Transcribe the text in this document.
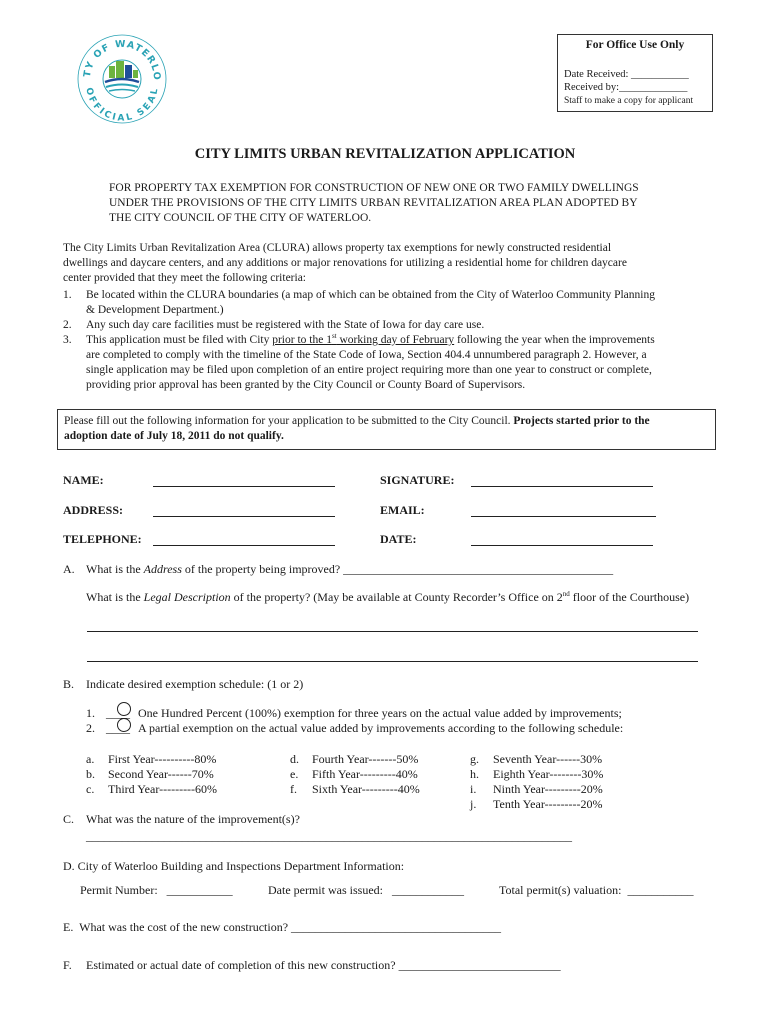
TY OF WATERLO
OFFICIAL SEAL
For Office Use Only
Date Received: ___________
Received by:_____________
Staff to make a copy for applicant
CITY LIMITS URBAN REVITALIZATION APPLICATION
FOR PROPERTY TAX EXEMPTION FOR CONSTRUCTION OF NEW ONE OR TWO FAMILY DWELLINGS
UNDER THE PROVISIONS OF THE CITY LIMITS URBAN REVITALIZATION AREA PLAN ADOPTED BY
THE CITY COUNCIL OF THE CITY OF WATERLOO.
The City Limits Urban Revitalization Area (CLURA) allows property tax exemptions for newly constructed residential
dwellings and daycare centers, and any additions or major renovations for utilizing a residential home for children daycare
center provided that they meet the following criteria:
1. Be located within the CLURA boundaries (a map of which can be obtained from the City of Waterloo Community Planning
& Development Department.)
2. Any such day care facilities must be registered with the State of Iowa for day care use.
3. This application must be filed with City prior to the 1st working day of February following the year when the improvements
are completed to comply with the timeline of the State Code of Iowa, Section 404.4 unnumbered paragraph 2. However, a
single application may be filed upon completion of an entire project requiring more than one year to construct or complete,
providing prior approval has been granted by the City Council or County Board of Supervisors.
Please fill out the following information for your application to be submitted to the City Council. Projects started prior to the
adoption date of July 18, 2011 do not qualify.
NAME:	SIGNATURE:
ADDRESS:	EMAIL:
TELEPHONE:	DATE:
A. What is the Address of the property being improved? _____________________________________________
What is the Legal Description of the property? (May be available at County Recorder’s Office on 2nd floor of the Courthouse)
B. Indicate desired exemption schedule: (1 or 2)
1. ____ One Hundred Percent (100%) exemption for three years on the actual value added by improvements;
2. ____ A partial exemption on the actual value added by improvements according to the following schedule:
a. First Year----------80%
b. Second Year------70%
c. Third Year---------60%
d. Fourth Year-------50%
e. Fifth Year---------40%
f. Sixth Year---------40%
g. Seventh Year------30%
h. Eighth Year--------30%
i. Ninth Year---------20%
j. Tenth Year---------20%
C. What was the nature of the improvement(s)?
_________________________________________________________________________________
D. City of Waterloo Building and Inspections Department Information:
Permit Number:   ___________	Date permit was issued:   ____________	Total permit(s) valuation:  ___________
E.  What was the cost of the new construction? ___________________________________
F. Estimated or actual date of completion of this new construction? ___________________________
